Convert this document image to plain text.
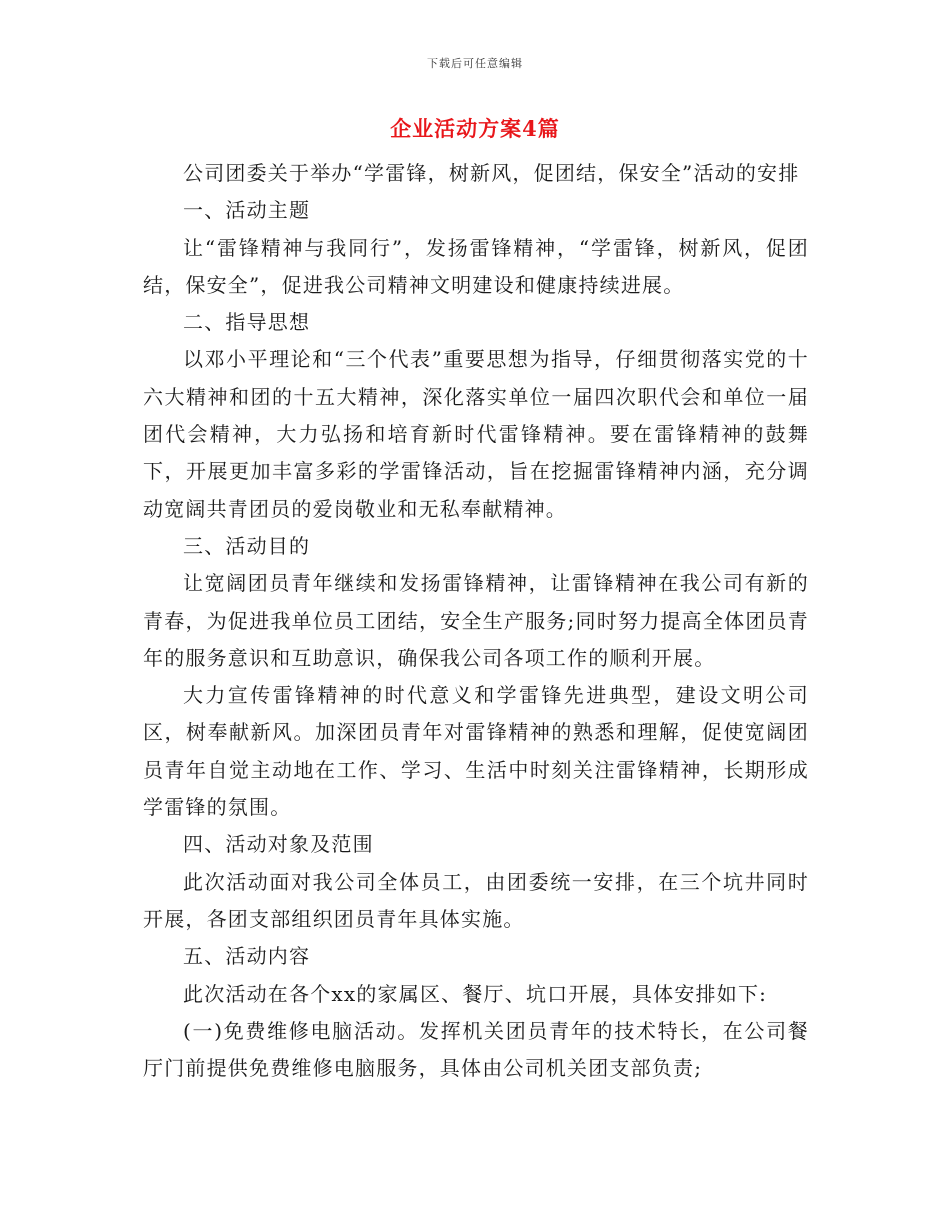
下载后可任意编辑
企业活动方案4篇

公司团委关于举办“学雷锋，树新风，促团结，保安全”活动的安排

一、活动主题

让“雷锋精神与我同行”，发扬雷锋精神，“学雷锋，树新风，促团结，保安全”，促进我公司精神文明建设和健康持续进展。

二、指导思想

以邓小平理论和“三个代表”重要思想为指导，仔细贯彻落实党的十六大精神和团的十五大精神，深化落实单位一届四次职代会和单位一届团代会精神，大力弘扬和培育新时代雷锋精神。要在雷锋精神的鼓舞下，开展更加丰富多彩的学雷锋活动，旨在挖掘雷锋精神内涵，充分调动宽阔共青团员的爱岗敬业和无私奉献精神。

三、活动目的

让宽阔团员青年继续和发扬雷锋精神，让雷锋精神在我公司有新的青春，为促进我单位员工团结，安全生产服务;同时努力提高全体团员青年的服务意识和互助意识，确保我公司各项工作的顺利开展。

大力宣传雷锋精神的时代意义和学雷锋先进典型，建设文明公司区，树奉献新风。加深团员青年对雷锋精神的熟悉和理解，促使宽阔团员青年自觉主动地在工作、学习、生活中时刻关注雷锋精神，长期形成学雷锋的氛围。

四、活动对象及范围

此次活动面对我公司全体员工，由团委统一安排，在三个坑井同时开展，各团支部组织团员青年具体实施。

五、活动内容

此次活动在各个xx的家属区、餐厅、坑口开展，具体安排如下:

(一)免费维修电脑活动。发挥机关团员青年的技术特长，在公司餐厅门前提供免费维修电脑服务，具体由公司机关团支部负责;
